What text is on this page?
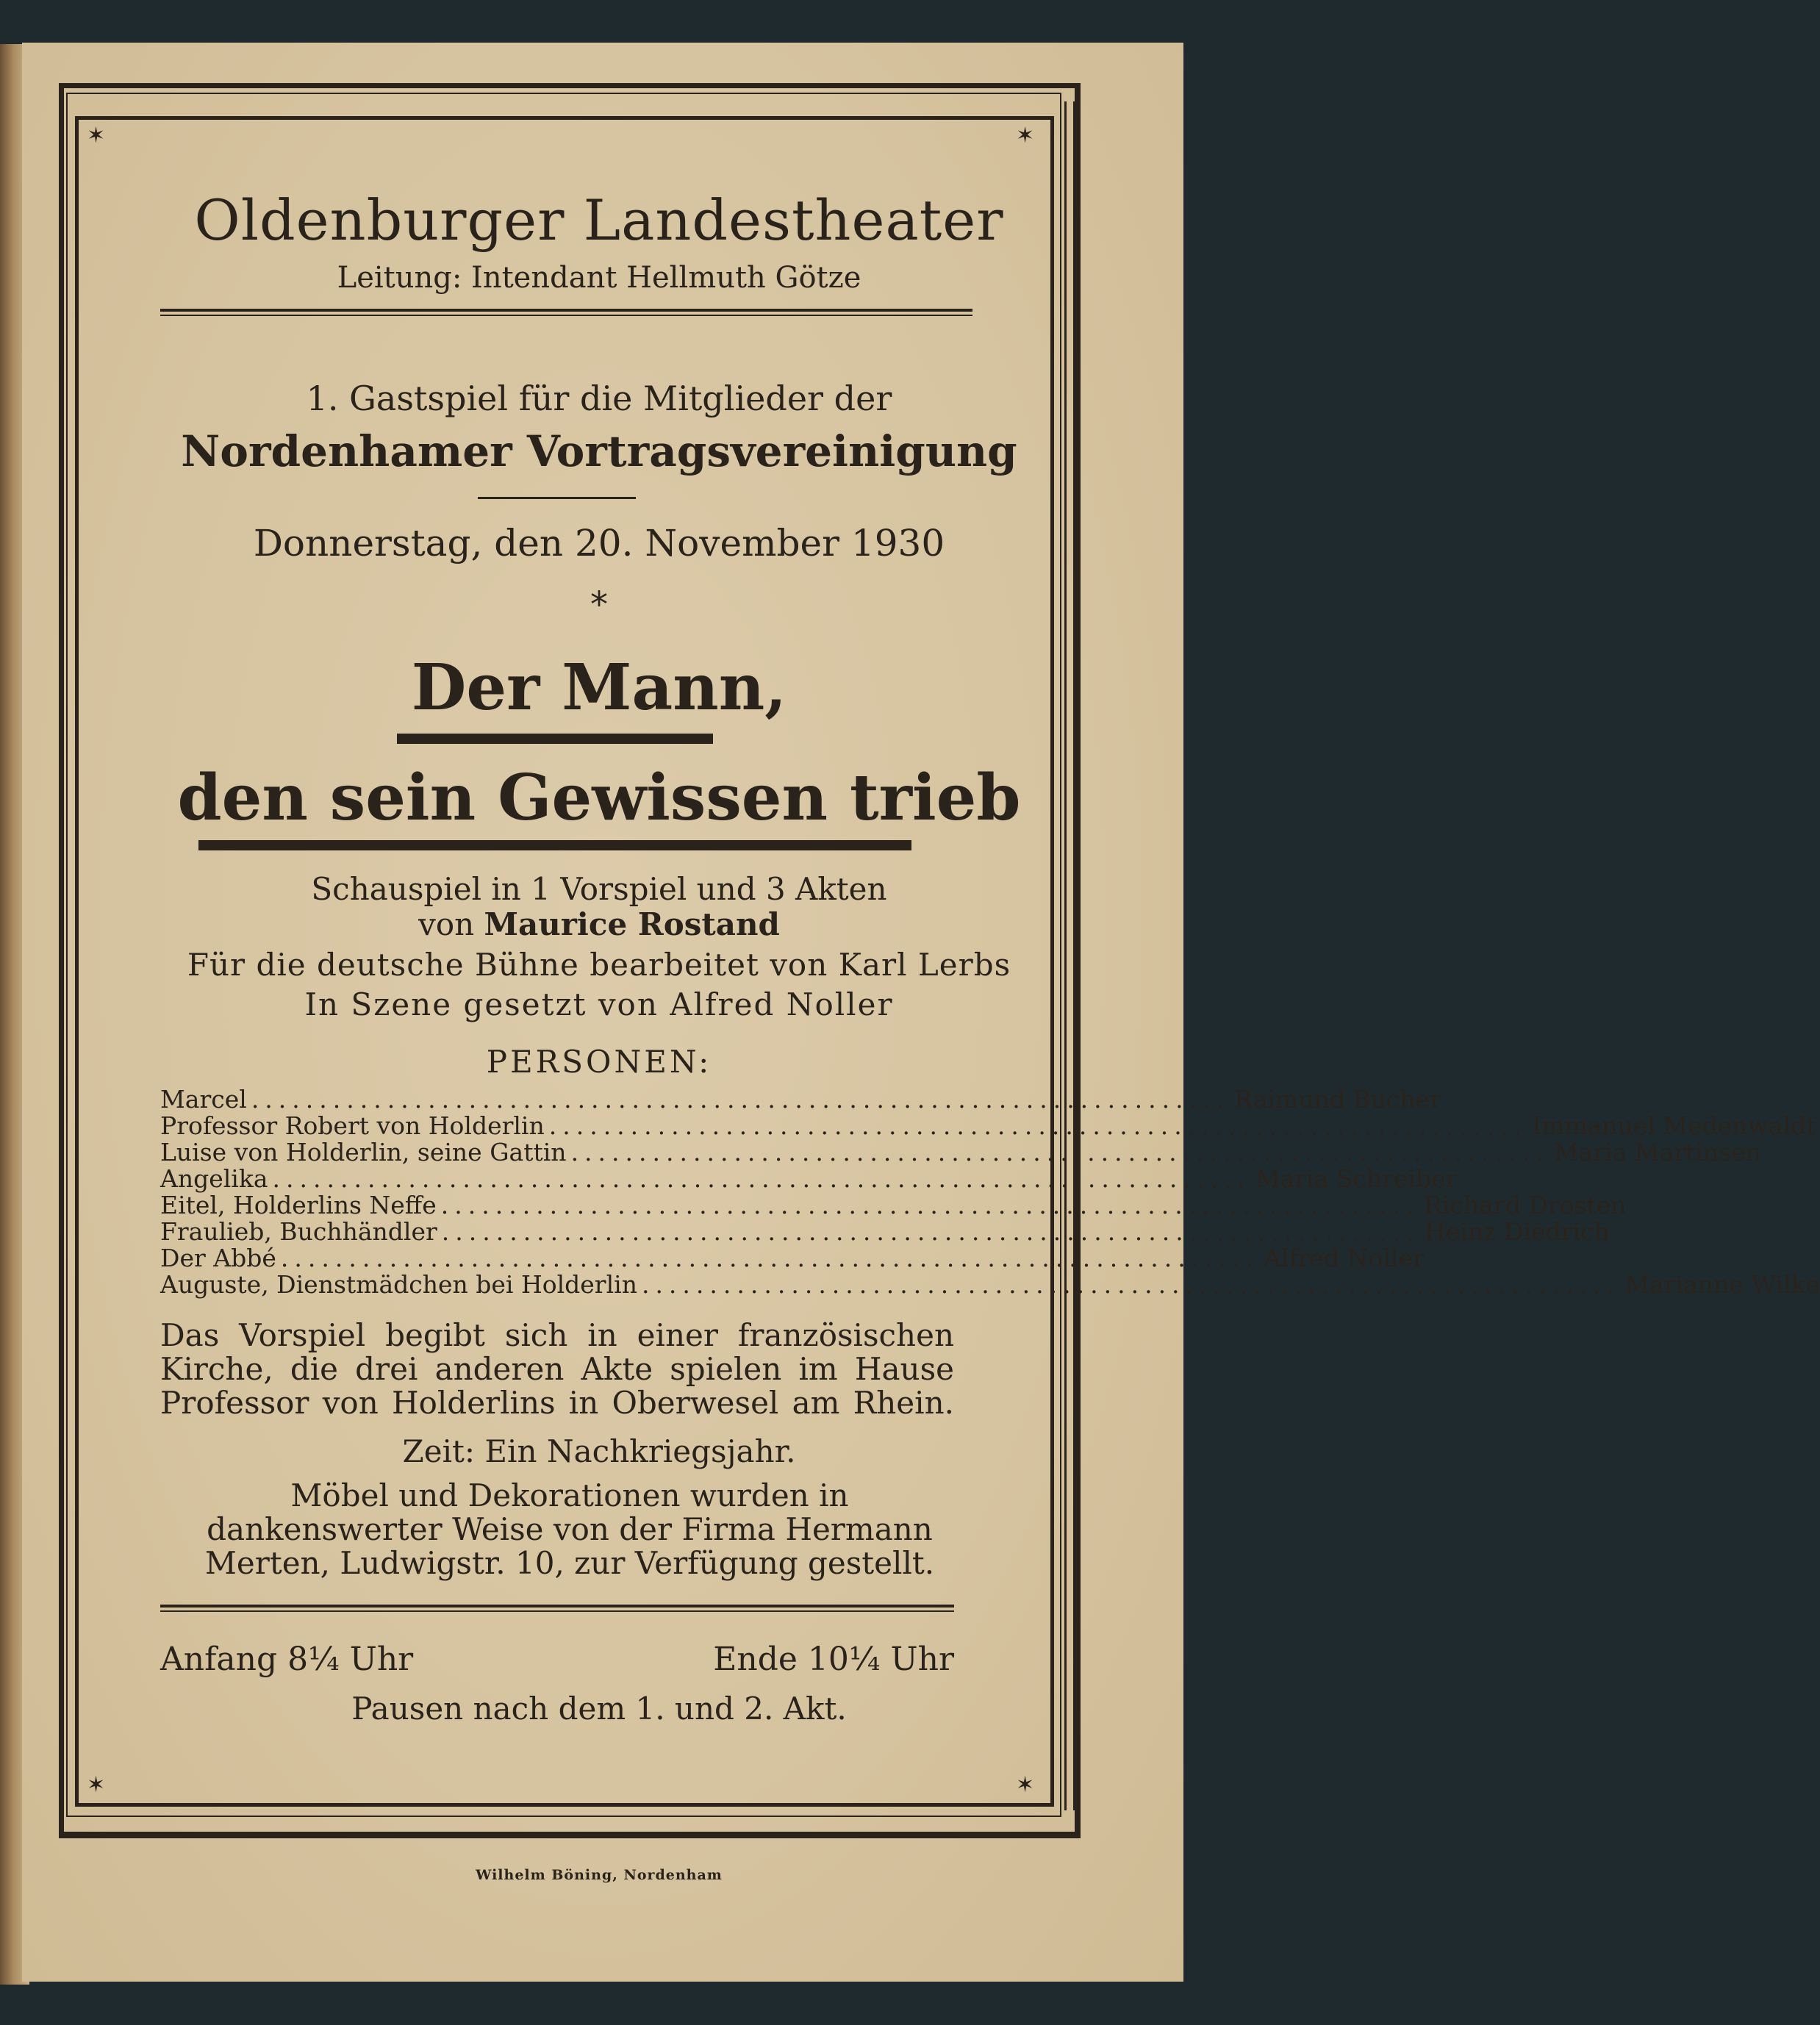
✶	✶
✶	✶
Oldenburger Landestheater
Leitung: Intendant Hellmuth Götze
1. Gastspiel für die Mitglieder der
Nordenhamer Vortragsvereinigung
Donnerstag, den 20. November 1930
*
Der Mann,
den sein Gewissen trieb
Schauspiel in 1 Vorspiel und 3 Akten
von Maurice Rostand
Für die deutsche Bühne bearbeitet von Karl Lerbs
In Szene gesetzt von Alfred Noller
PERSONEN:
Marcel ........................................................................ Raimund Bucher
Professor Robert von Holderlin ........................................................................ Immanuel Medenwaldt
Luise von Holderlin, seine Gattin ........................................................................ Maria Martinsen
Angelika ........................................................................ Maria Schreiber
Eitel, Holderlins Neffe ........................................................................ Richard Drosten
Fraulieb, Buchhändler ........................................................................ Heinz Diedrich
Der Abbé ........................................................................ Alfred Noller
Auguste, Dienstmädchen bei Holderlin ........................................................................ Marianne Wilke
Das Vorspiel begibt sich in einer französischen Kirche, die drei anderen Akte spielen im Hause Professor von Holderlins in Oberwesel am Rhein.
Zeit: Ein Nachkriegsjahr.
Möbel und Dekorationen wurden in dankenswerter Weise von der Firma Hermann Merten, Ludwigstr. 10, zur Verfügung gestellt.
Anfang 8¼ Uhr	Ende 10¼ Uhr
Pausen nach dem 1. und 2. Akt.
Wilhelm Böning, Nordenham
